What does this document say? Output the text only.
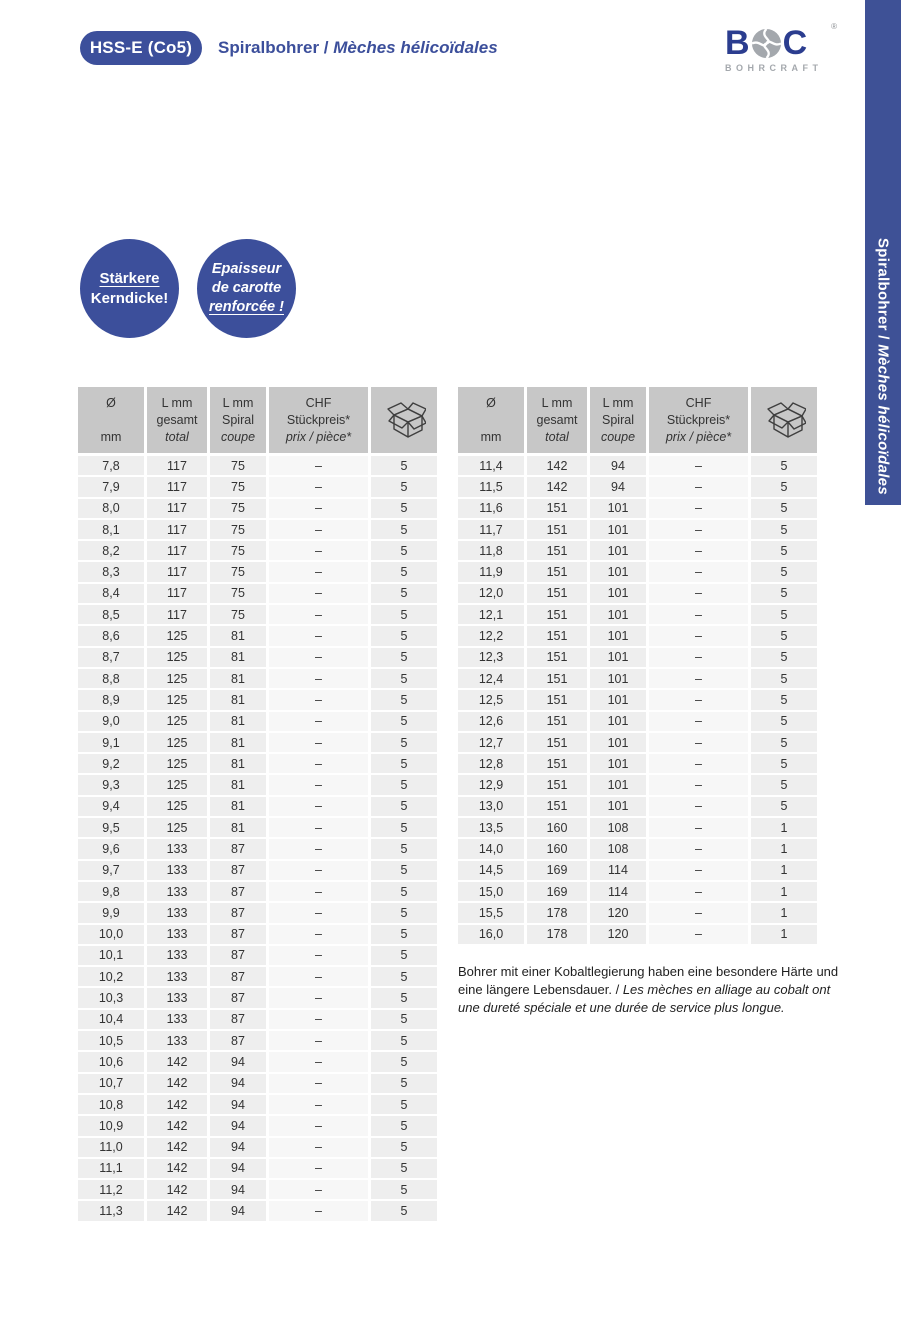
HSS-E (Co5)	Spiralbohrer / Mèches hélicoïdales	B C	®
BOHRCRAFT
Spiralbohrer / Mèches hélicoïdales
Stärkere
Kerndicke!
Epaisseur
de carotte
renforcée !
Ø
mm
L mm
gesamt
total
L mm
Spiral
coupe
CHF
Stückpreis*
prix / pièce*
7,8	117	75	–	5
7,9	117	75	–	5
8,0	117	75	–	5
8,1	117	75	–	5
8,2	117	75	–	5
8,3	117	75	–	5
8,4	117	75	–	5
8,5	117	75	–	5
8,6	125	81	–	5
8,7	125	81	–	5
8,8	125	81	–	5
8,9	125	81	–	5
9,0	125	81	–	5
9,1	125	81	–	5
9,2	125	81	–	5
9,3	125	81	–	5
9,4	125	81	–	5
9,5	125	81	–	5
9,6	133	87	–	5
9,7	133	87	–	5
9,8	133	87	–	5
9,9	133	87	–	5
10,0	133	87	–	5
10,1	133	87	–	5
10,2	133	87	–	5
10,3	133	87	–	5
10,4	133	87	–	5
10,5	133	87	–	5
10,6	142	94	–	5
10,7	142	94	–	5
10,8	142	94	–	5
10,9	142	94	–	5
11,0	142	94	–	5
11,1	142	94	–	5
11,2	142	94	–	5
11,3	142	94	–	5
Ø
mm
L mm
gesamt
total
L mm
Spiral
coupe
CHF
Stückpreis*
prix / pièce*
11,4	142	94	–	5
11,5	142	94	–	5
11,6	151	101	–	5
11,7	151	101	–	5
11,8	151	101	–	5
11,9	151	101	–	5
12,0	151	101	–	5
12,1	151	101	–	5
12,2	151	101	–	5
12,3	151	101	–	5
12,4	151	101	–	5
12,5	151	101	–	5
12,6	151	101	–	5
12,7	151	101	–	5
12,8	151	101	–	5
12,9	151	101	–	5
13,0	151	101	–	5
13,5	160	108	–	1
14,0	160	108	–	1
14,5	169	114	–	1
15,0	169	114	–	1
15,5	178	120	–	1
16,0	178	120	–	1
Bohrer mit einer Kobaltlegierung haben eine besondere Härte und eine längere Lebensdauer. / Les mèches en alliage au cobalt ont une dureté spéciale et une durée de service plus longue.
